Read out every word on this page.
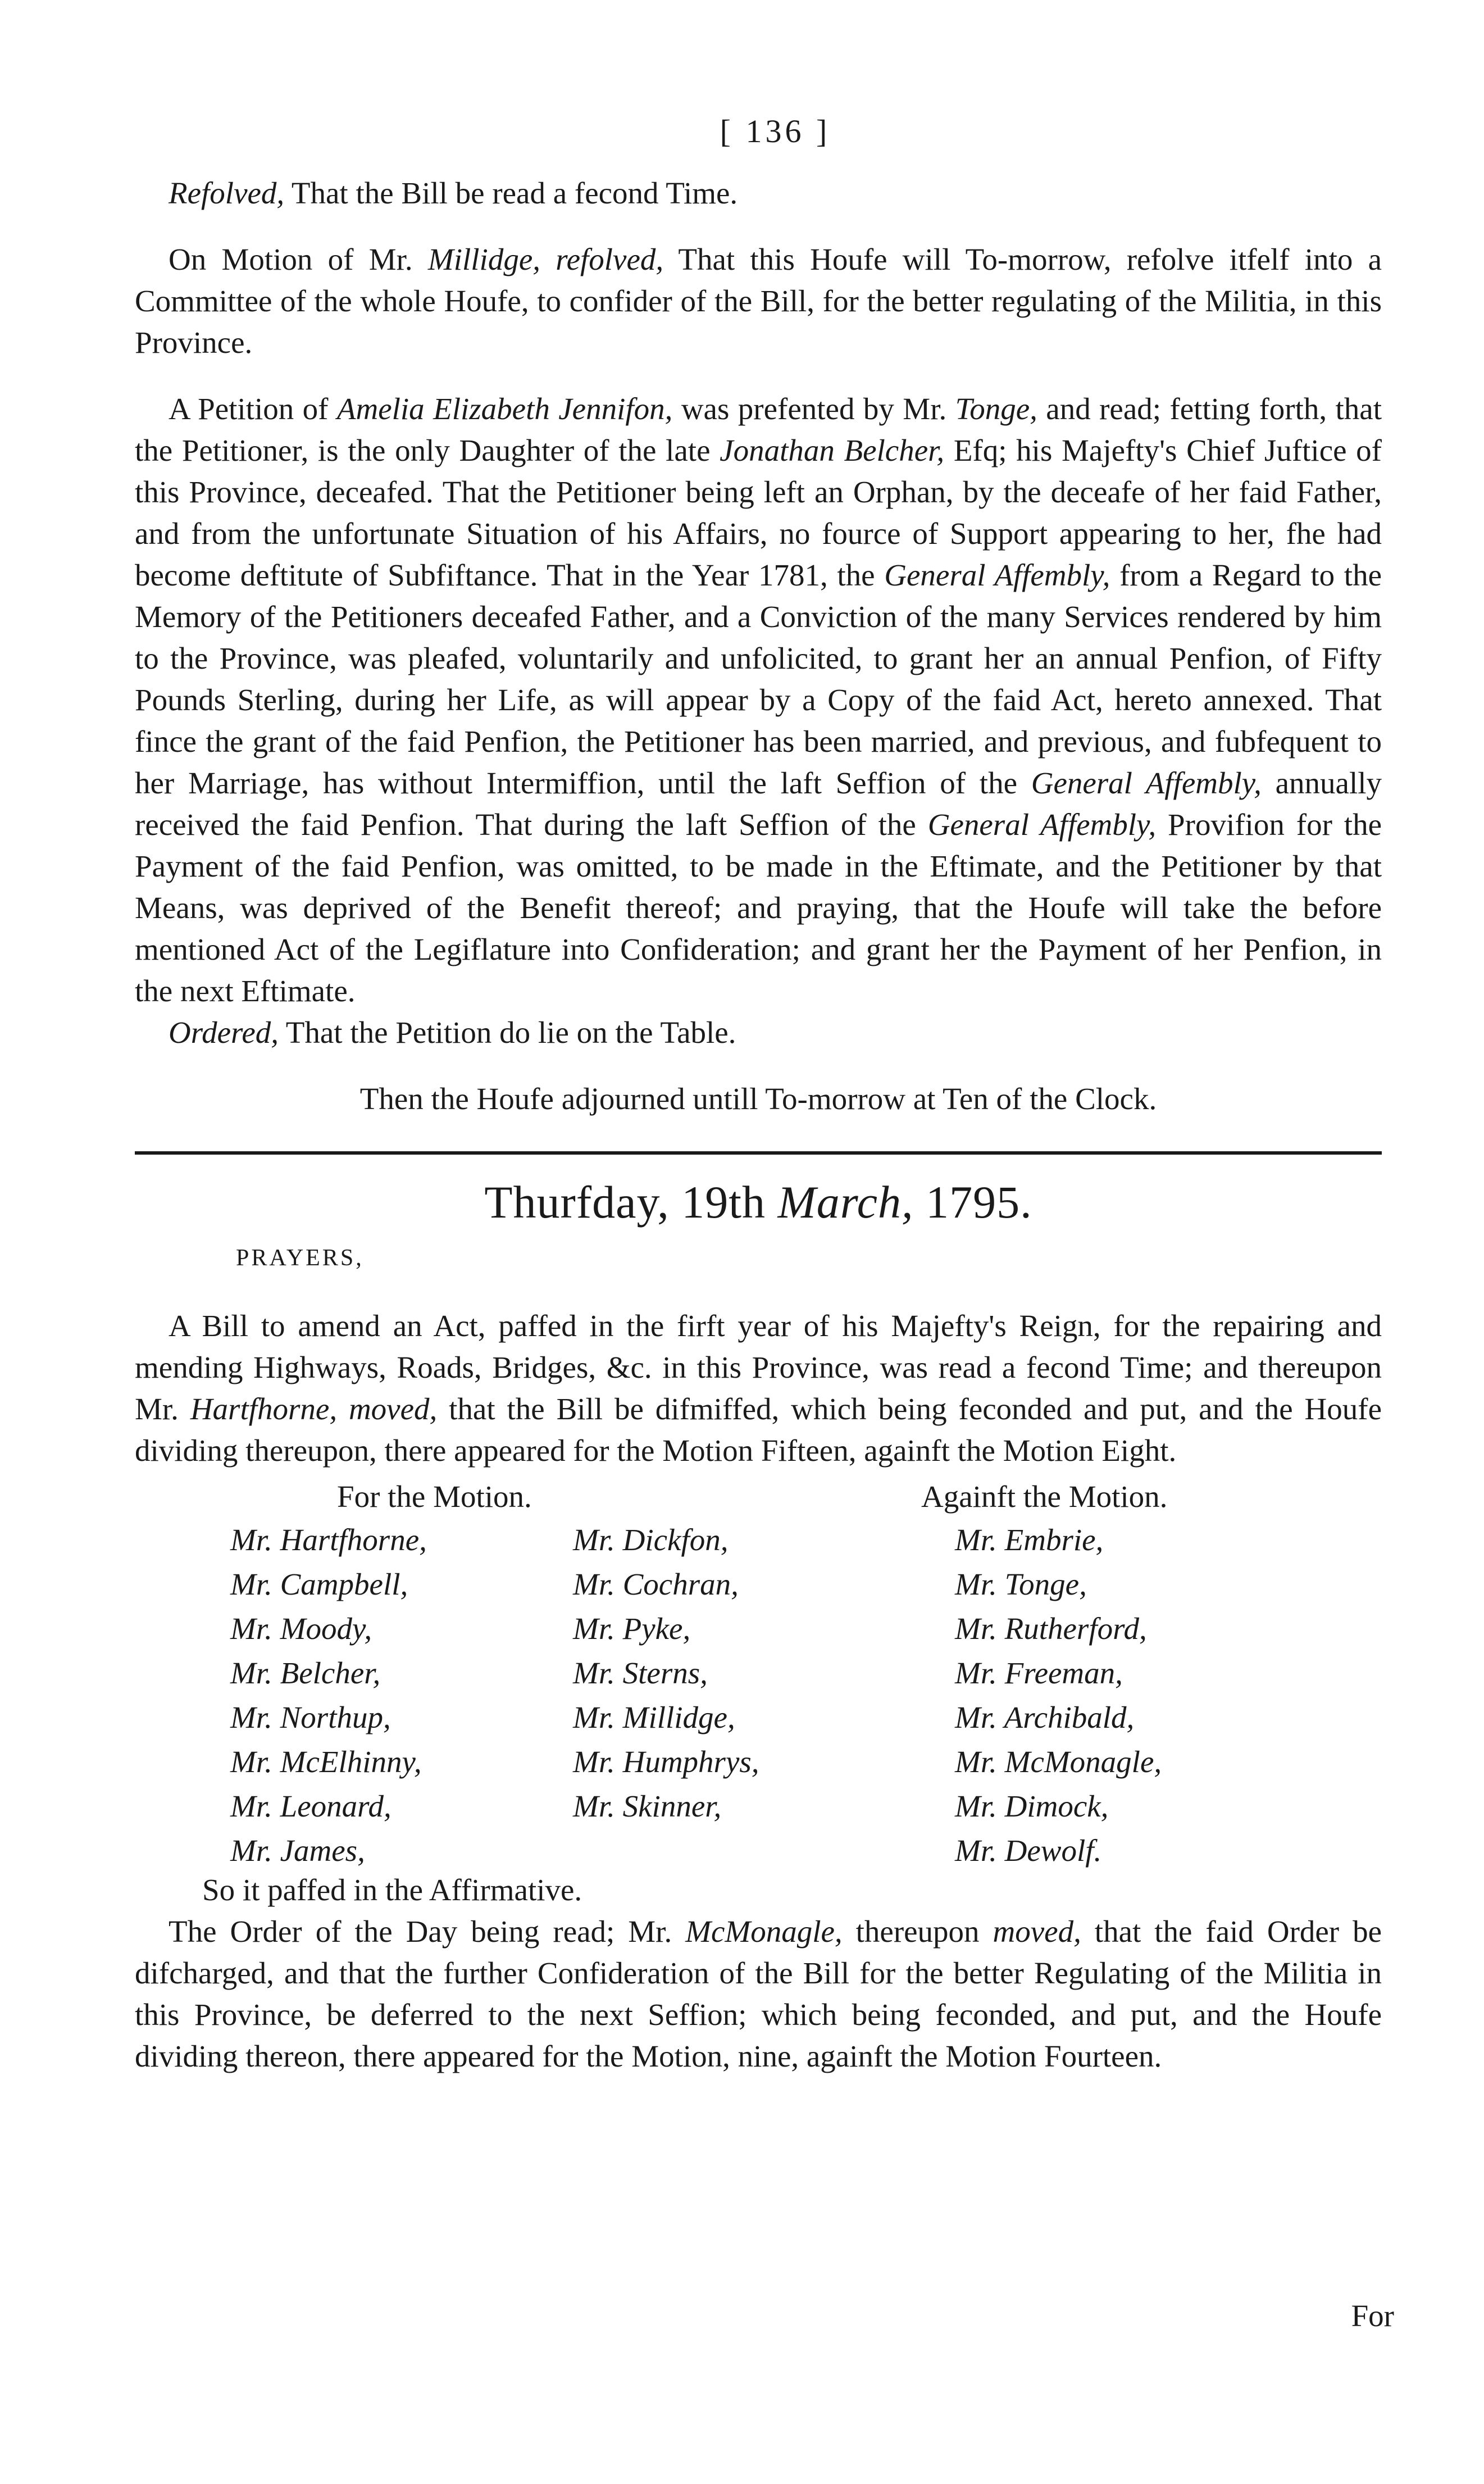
[ 136 ]

Refolved, That the Bill be read a fecond Time.

On Motion of Mr. Millidge, refolved, That this Houfe will To-morrow, refolve itfelf into a Committee of the whole Houfe, to confider of the Bill, for the better regulating of the Militia, in this Province.

A Petition of Amelia Elizabeth Jennifon, was prefented by Mr. Tonge, and read; fetting forth, that the Petitioner, is the only Daughter of the late Jonathan Belcher, Efq; his Majefty's Chief Juftice of this Province, deceafed. That the Petitioner being left an Orphan, by the deceafe of her faid Father, and from the unfortunate Situation of his Affairs, no fource of Support appearing to her, fhe had become deftitute of Subfiftance. That in the Year 1781, the General Affembly, from a Regard to the Memory of the Petitioners deceafed Father, and a Conviction of the many Services rendered by him to the Province, was pleafed, voluntarily and unfolicited, to grant her an annual Penfion, of Fifty Pounds Sterling, during her Life, as will appear by a Copy of the faid Act, hereto annexed. That fince the grant of the faid Penfion, the Petitioner has been married, and previous, and fubfequent to her Marriage, has without Intermiffion, until the laft Seffion of the General Affembly, annually received the faid Penfion. That during the laft Seffion of the General Affembly, Provifion for the Payment of the faid Penfion, was omitted, to be made in the Eftimate, and the Petitioner by that Means, was deprived of the Benefit thereof; and praying, that the Houfe will take the before mentioned Act of the Legiflature into Confideration; and grant her the Payment of her Penfion, in the next Eftimate.

Ordered, That the Petition do lie on the Table.

Then the Houfe adjourned untill To-morrow at Ten of the Clock.

Thurfday, 19th March, 1795.
PRAYERS,

A Bill to amend an Act, paffed in the firft year of his Majefty's Reign, for the repairing and mending Highways, Roads, Bridges, &c. in this Province, was read a fecond Time; and thereupon Mr. Hartfhorne, moved, that the Bill be difmiffed, which being feconded and put, and the Houfe dividing thereupon, there appeared for the Motion Fifteen, againft the Motion Eight.

For the Motion.	Againft the Motion.
Mr. Hartfhorne,
Mr. Campbell,
Mr. Moody,
Mr. Belcher,
Mr. Northup,
Mr. McElhinny,
Mr. Leonard,
Mr. James,
Mr. Dickfon,
Mr. Cochran,
Mr. Pyke,
Mr. Sterns,
Mr. Millidge,
Mr. Humphrys,
Mr. Skinner,
Mr. Embrie,
Mr. Tonge,
Mr. Rutherford,
Mr. Freeman,
Mr. Archibald,
Mr. McMonagle,
Mr. Dimock,
Mr. Dewolf.

So it paffed in the Affirmative.

The Order of the Day being read; Mr. McMonagle, thereupon moved, that the faid Order be difcharged, and that the further Confideration of the Bill for the better Regulating of the Militia in this Province, be deferred to the next Seffion; which being feconded, and put, and the Houfe dividing thereon, there appeared for the Motion, nine, againft the Motion Fourteen.

For
